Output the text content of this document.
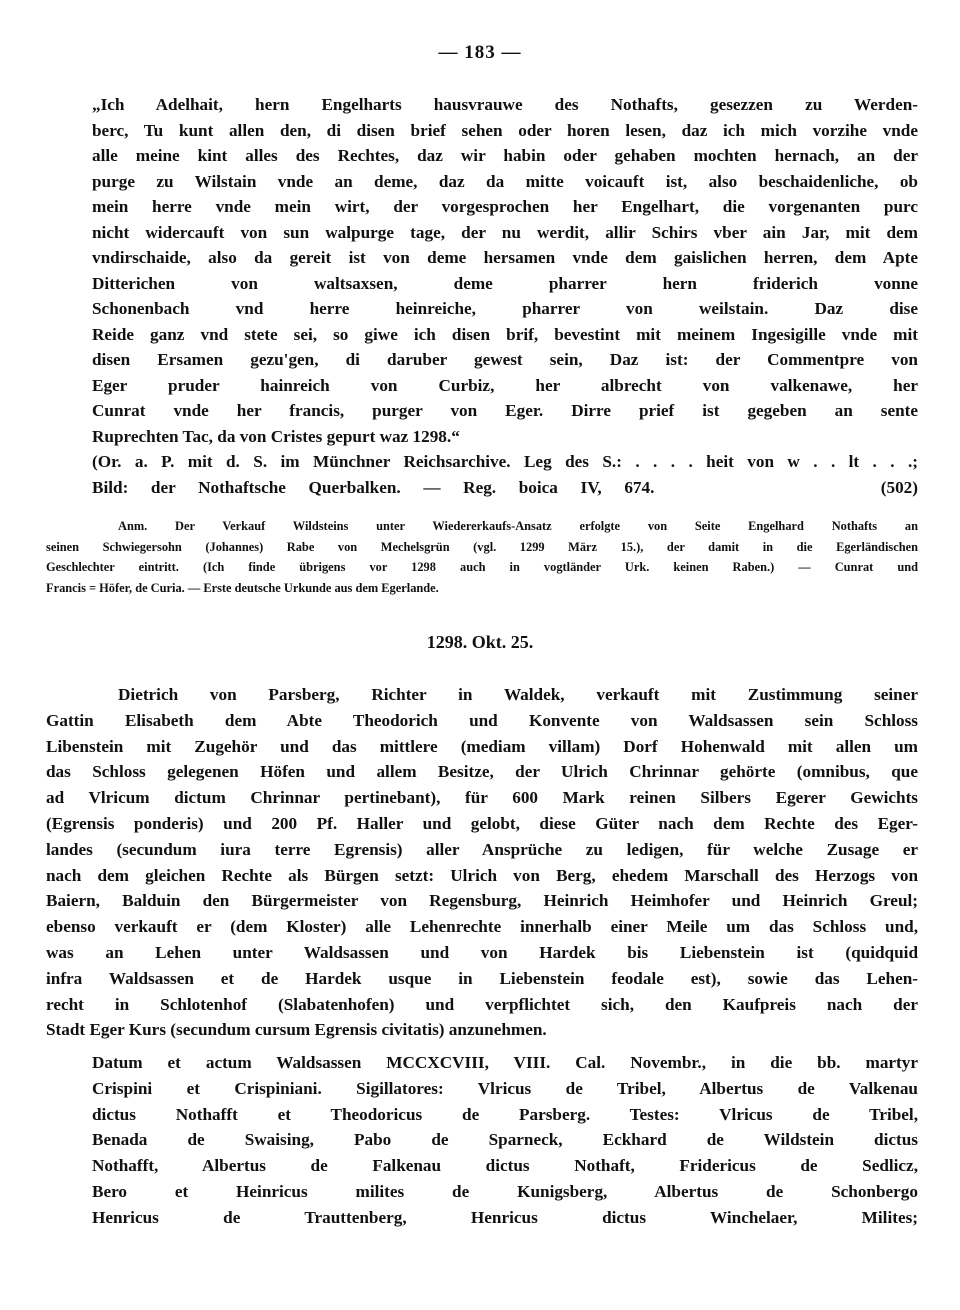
— 183 —
„Ich Adelhait, hern Engelharts hausvrauwe des Nothafts, gesezzen zu Werden-
berc, Tu kunt allen den, di disen brief sehen oder horen lesen, daz ich mich vorzihe vnde
alle meine kint alles des Rechtes, daz wir habin oder gehaben mochten hernach, an der
purge zu Wilstain vnde an deme, daz da mitte voicauft ist, also beschaidenliche, ob
mein herre vnde mein wirt, der vorgesprochen her Engelhart, die vorgenanten purc
nicht widercauft von sun walpurge tage, der nu werdit, allir Schirs vber ain Jar, mit dem
vndirschaide, also da gereit ist von deme hersamen vnde dem gaislichen herren, dem Apte
Ditterichen von waltsaxsen, deme pharrer hern friderich vonne
Schonenbach vnd herre heinreiche, pharrer von weilstain. Daz dise
Reide ganz vnd stete sei, so giwe ich disen brif, bevestint mit meinem Ingesigille vnde mit
disen Ersamen gezu'gen, di daruber gewest sein, Daz ist: der Commentpre von
Eger pruder hainreich von Curbiz, her albrecht von valkenawe, her
Cunrat vnde her francis, purger von Eger. Dirre prief ist gegeben an sente
Ruprechten Tac, da von Cristes gepurt waz 1298.“
(Or. a. P. mit d. S. im Münchner Reichsarchive. Leg des S.: . . . . heit von w . . lt . . .;
Bild: der Nothaftsche Querbalken. — Reg. boica IV, 674.          (502)
Anm. Der Verkauf Wildsteins unter Wiedererkaufs-Ansatz erfolgte von Seite Engelhard Nothafts an
seinen Schwiegersohn (Johannes) Rabe von Mechelsgrün (vgl. 1299 März 15.), der damit in die Egerländischen
Geschlechter eintritt. (Ich finde übrigens vor 1298 auch in vogtländer Urk. keinen Raben.) — Cunrat und
Francis = Höfer, de Curia. — Erste deutsche Urkunde aus dem Egerlande.
1298. Okt. 25.
Dietrich von Parsberg, Richter in Waldek, verkauft mit Zustimmung seiner
Gattin Elisabeth dem Abte Theodorich und Konvente von Waldsassen sein Schloss
Libenstein mit Zugehör und das mittlere (mediam villam) Dorf Hohenwald mit allen um
das Schloss gelegenen Höfen und allem Besitze, der Ulrich Chrinnar gehörte (omnibus, que
ad Vlricum dictum Chrinnar pertinebant), für 600 Mark reinen Silbers Egerer Gewichts
(Egrensis ponderis) und 200 Pf. Haller und gelobt, diese Güter nach dem Rechte des Eger-
landes (secundum iura terre Egrensis) aller Ansprüche zu ledigen, für welche Zusage er
nach dem gleichen Rechte als Bürgen setzt: Ulrich von Berg, ehedem Marschall des Herzogs von
Baiern, Balduin den Bürgermeister von Regensburg, Heinrich Heimhofer und Heinrich Greul;
ebenso verkauft er (dem Kloster) alle Lehenrechte innerhalb einer Meile um das Schloss und,
was an Lehen unter Waldsassen und von Hardek bis Liebenstein ist (quidquid
infra Waldsassen et de Hardek usque in Liebenstein feodale est), sowie das Lehen-
recht in Schlotenhof (Slabatenhofen) und verpflichtet sich, den Kaufpreis nach der
Stadt Eger Kurs (secundum cursum Egrensis civitatis) anzunehmen.
Datum et actum Waldsassen MCCXCVIII, VIII. Cal. Novembr., in die bb. martyr
Crispini et Crispiniani. Sigillatores: Vlricus de Tribel, Albertus de Valkenau
dictus Nothafft et Theodoricus de Parsberg. Testes: Vlricus de Tribel,
Benada de Swaising, Pabo de Sparneck, Eckhard de Wildstein dictus
Nothafft, Albertus de Falkenau dictus Nothaft, Fridericus de Sedlicz,
Bero et Heinricus milites de Kunigsberg, Albertus de Schonbergo
Henricus de Trauttenberg, Henricus dictus Winchelaer, Milites;
